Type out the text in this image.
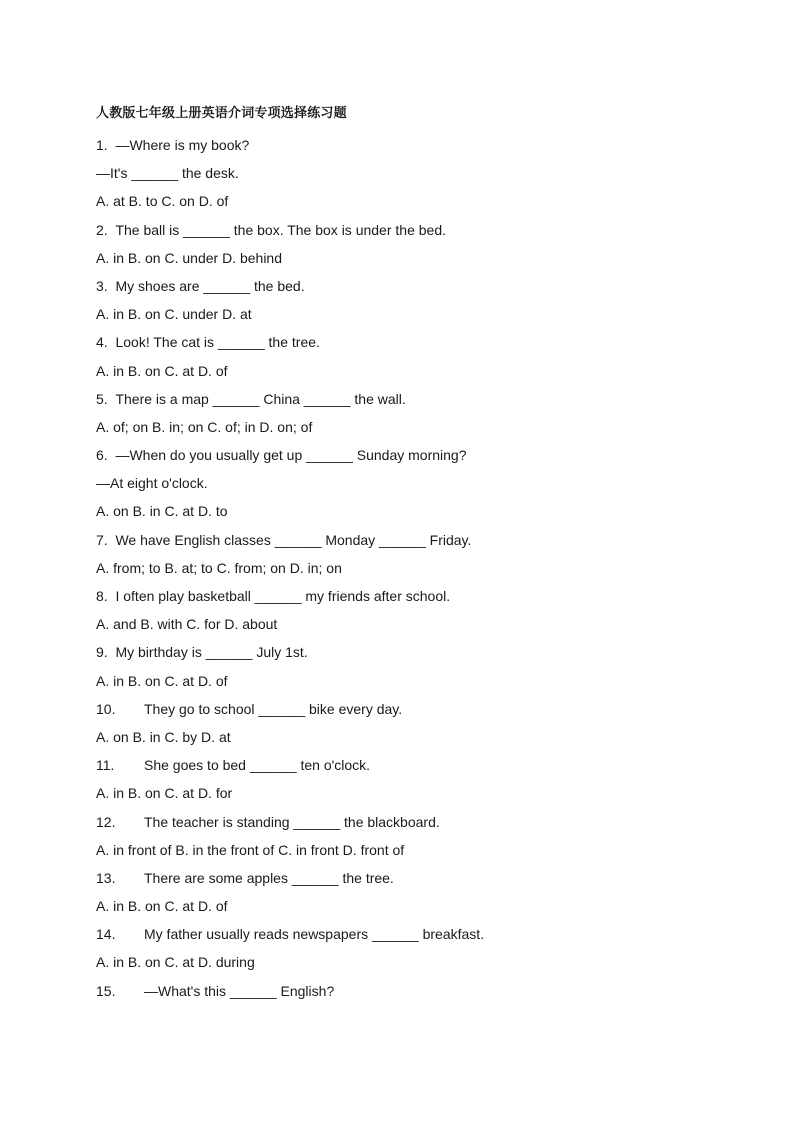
人教版七年级上册英语介词专项选择练习题
1. —Where is my book?
—It's ______ the desk.
A. at B. to C. on D. of
2. The ball is ______ the box. The box is under the bed.
A. in B. on C. under D. behind
3. My shoes are ______ the bed.
A. in B. on C. under D. at
4. Look! The cat is ______ the tree.
A. in B. on C. at D. of
5. There is a map ______ China ______ the wall.
A. of; on B. in; on C. of; in D. on; of
6. —When do you usually get up ______ Sunday morning?
—At eight o'clock.
A. on B. in C. at D. to
7. We have English classes ______ Monday ______ Friday.
A. from; to B. at; to C. from; on D. in; on
8. I often play basketball ______ my friends after school.
A. and B. with C. for D. about
9. My birthday is ______ July 1st.
A. in B. on C. at D. of
10. They go to school ______ bike every day.
A. on B. in C. by D. at
11. She goes to bed ______ ten o'clock.
A. in B. on C. at D. for
12. The teacher is standing ______ the blackboard.
A. in front of B. in the front of C. in front D. front of
13. There are some apples ______ the tree.
A. in B. on C. at D. of
14. My father usually reads newspapers ______ breakfast.
A. in B. on C. at D. during
15. —What's this ______ English?
